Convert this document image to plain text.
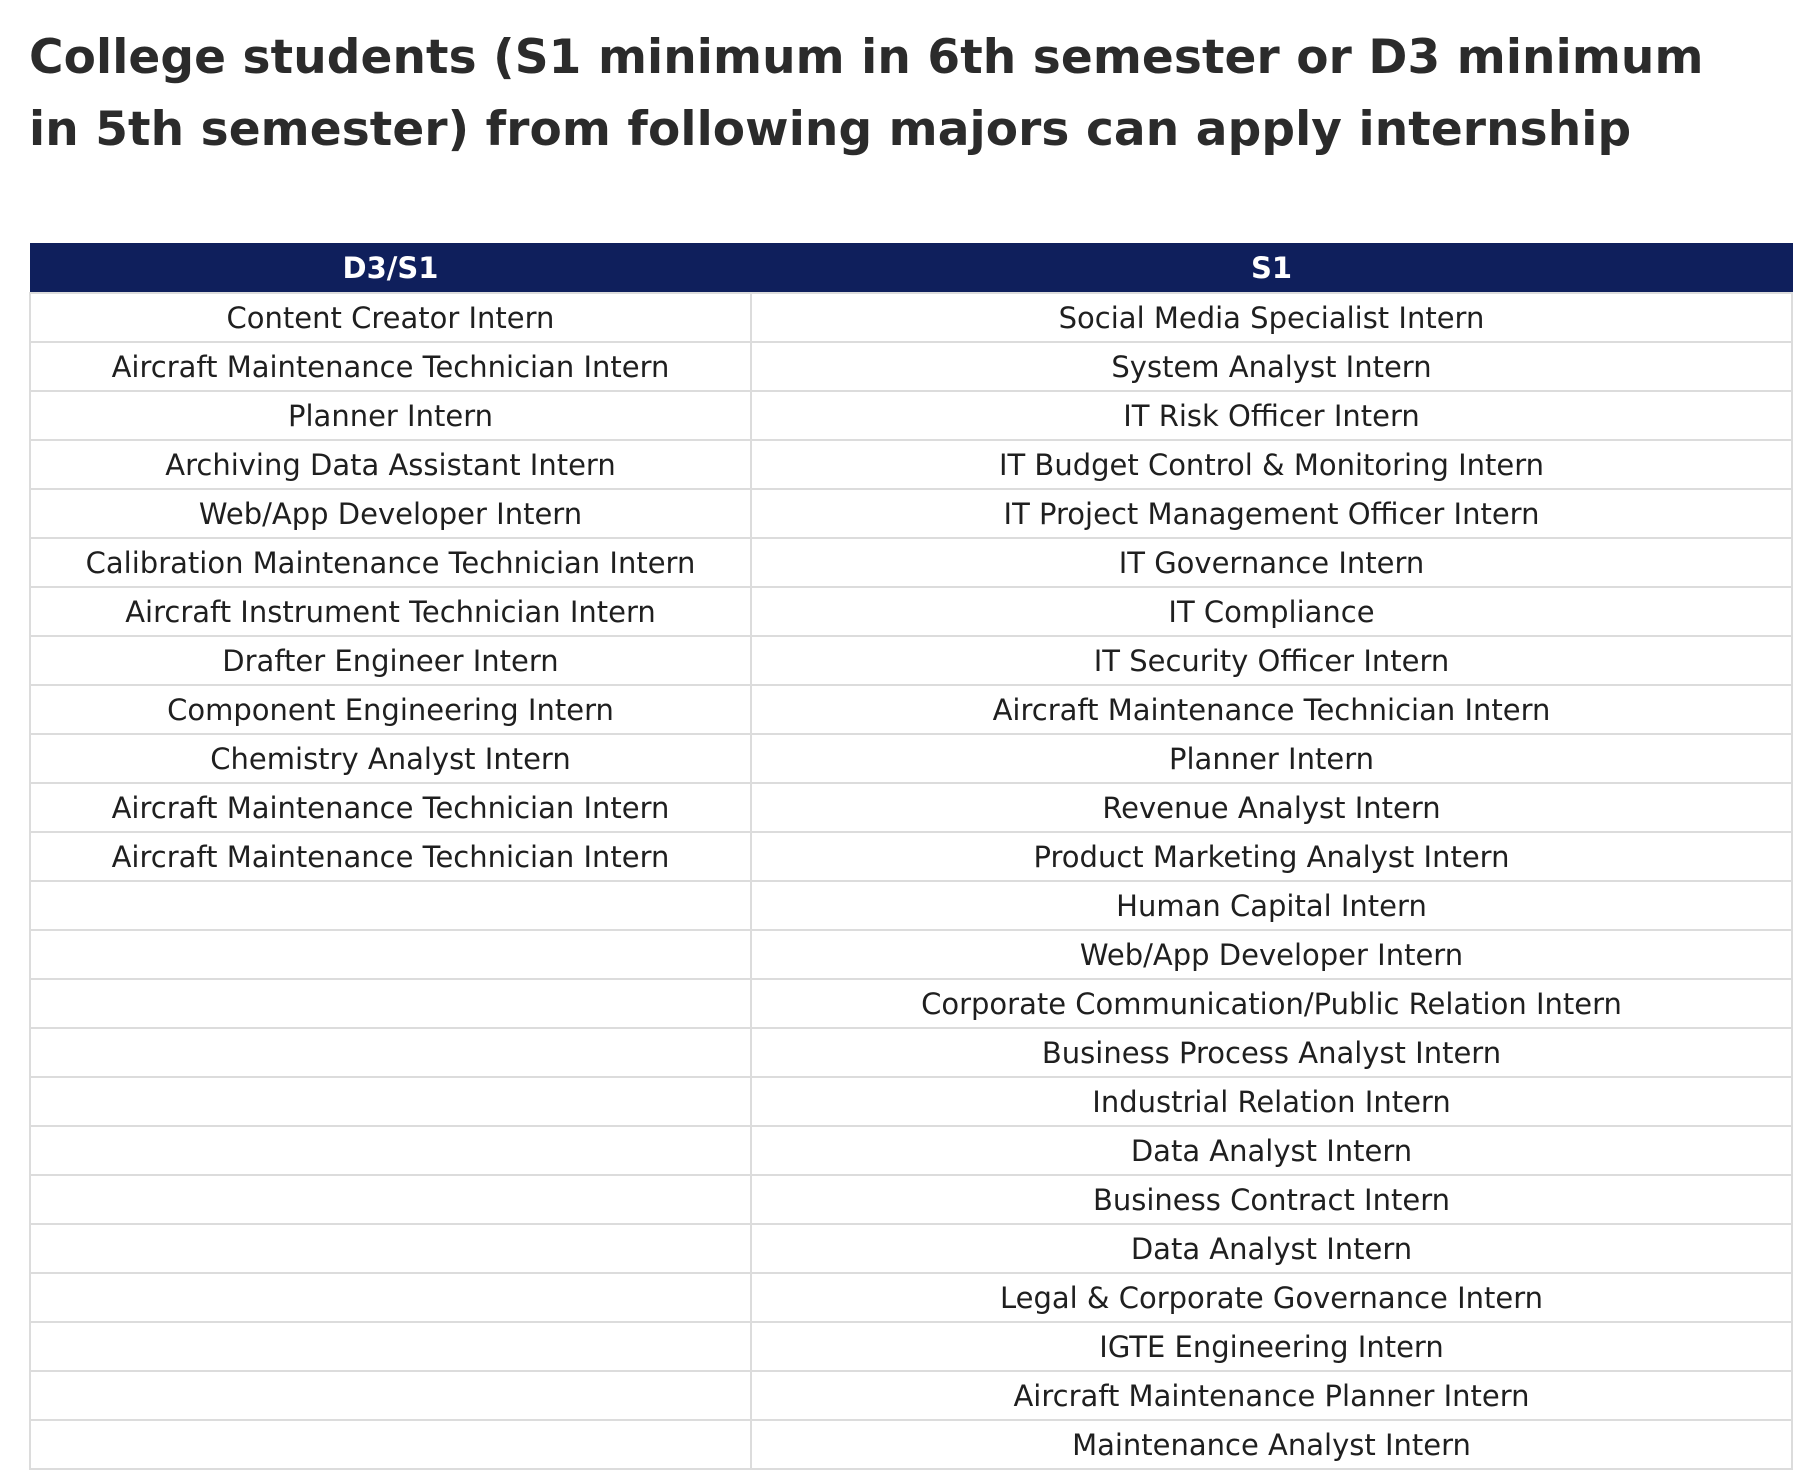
College students (S1 minimum in 6th semester or D3 minimum in 5th semester) from following majors can apply internship
D3/S1	S1
Content Creator Intern	Social Media Specialist Intern
Aircraft Maintenance Technician Intern	System Analyst Intern
Planner Intern	IT Risk Officer Intern
Archiving Data Assistant Intern	IT Budget Control & Monitoring Intern
Web/App Developer Intern	IT Project Management Officer Intern
Calibration Maintenance Technician Intern	IT Governance Intern
Aircraft Instrument Technician Intern	IT Compliance
Drafter Engineer Intern	IT Security Officer Intern
Component Engineering Intern	Aircraft Maintenance Technician Intern
Chemistry Analyst Intern	Planner Intern
Aircraft Maintenance Technician Intern	Revenue Analyst Intern
Aircraft Maintenance Technician Intern	Product Marketing Analyst Intern
	Human Capital Intern
	Web/App Developer Intern
	Corporate Communication/Public Relation Intern
	Business Process Analyst Intern
	Industrial Relation Intern
	Data Analyst Intern
	Business Contract Intern
	Data Analyst Intern
	Legal & Corporate Governance Intern
	IGTE Engineering Intern
	Aircraft Maintenance Planner Intern
	Maintenance Analyst Intern
